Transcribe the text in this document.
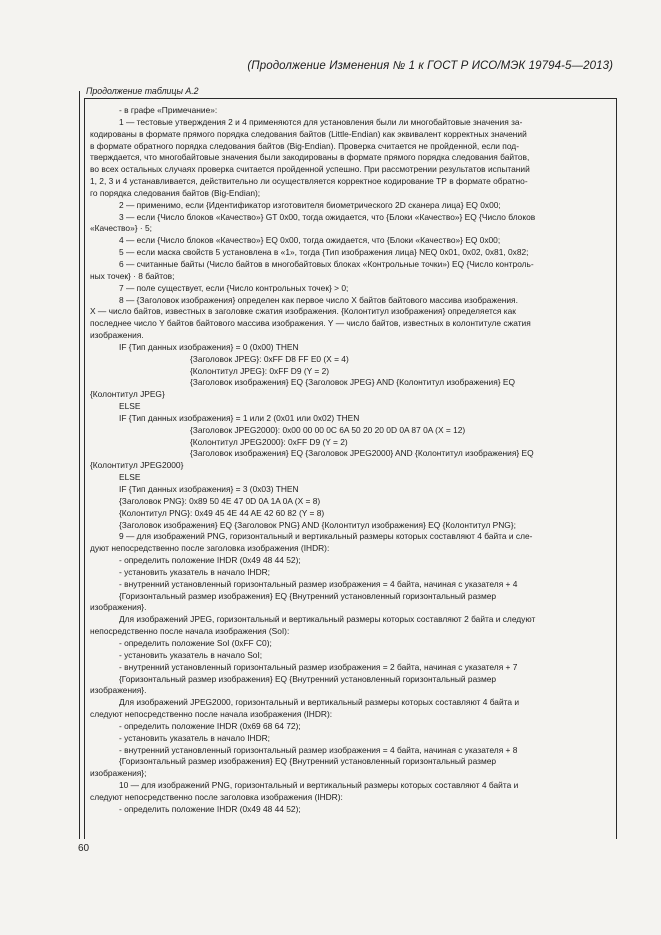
(Продолжение Изменения № 1 к ГОСТ Р ИСО/МЭК 19794-5—2013)
Продолжение таблицы А.2
- в графе «Примечание»:
1 — тестовые утверждения 2 и 4 применяются для установления были ли многобайтовые значения за-
кодированы в формате прямого порядка следования байтов (Little-Endian) как эквивалент корректных значений
в формате обратного порядка следования байтов (Big-Endian). Проверка считается не пройденной, если под-
тверждается, что многобайтовые значения были закодированы в формате прямого порядка следования байтов,
во всех остальных случаях проверка считается пройденной успешно. При рассмотрении результатов испытаний
1, 2, 3 и 4 устанавливается, действительно ли осуществляется корректное кодирование ТР в формате обратно-
го порядка следования байтов (Big-Endian);
2 — применимо, если {Идентификатор изготовителя биометрического 2D сканера лица} EQ 0x00;
3 — если {Число блоков «Качество»} GT 0x00, тогда ожидается, что {Блоки «Качество»} EQ {Число блоков
«Качество»} · 5;
4 — если {Число блоков «Качество»} EQ 0x00, тогда ожидается, что {Блоки «Качество»} EQ 0x00;
5 — если маска свойств 5 установлена в «1», тогда {Тип изображения лица} NEQ 0x01, 0x02, 0x81, 0x82;
6 — считанные байты (Число байтов в многобайтовых блоках «Контрольные точки») EQ {Число контроль-
ных точек} · 8 байтов;
7 — поле существует, если {Число контрольных точек} > 0;
8 — {Заголовок изображения} определен как первое число X байтов байтового массива изображения.
X — число байтов, известных в заголовке сжатия изображения. {Колонтитул изображения} определяется как
последнее число Y байтов байтового массива изображения. Y — число байтов, известных в колонтитуле сжатия
изображения.
IF {Тип данных изображения} = 0 (0x00) THEN
{Заголовок JPEG}: 0xFF D8 FF E0 (X = 4)
{Колонтитул JPEG}: 0xFF D9 (Y = 2)
{Заголовок изображения} EQ {Заголовок JPEG} AND {Колонтитул изображения} EQ
{Колонтитул JPEG}
ELSE
IF {Тип данных изображения} = 1 или 2 (0x01 или 0x02) THEN
{Заголовок JPEG2000}: 0x00 00 00 0C 6A 50 20 20 0D 0A 87 0A (X = 12)
{Колонтитул JPEG2000}: 0xFF D9 (Y = 2)
{Заголовок изображения} EQ {Заголовок JPEG2000} AND {Колонтитул изображения} EQ
{Колонтитул JPEG2000}
ELSE
IF {Тип данных изображения} = 3 (0x03) THEN
{Заголовок PNG}: 0x89 50 4E 47 0D 0A 1A 0A (X = 8)
{Колонтитул PNG}: 0x49 45 4E 44 AE 42 60 82 (Y = 8)
{Заголовок изображения} EQ {Заголовок PNG} AND {Колонтитул изображения} EQ {Колонтитул PNG};
9 — для изображений PNG, горизонтальный и вертикальный размеры которых составляют 4 байта и сле-
дуют непосредственно после заголовка изображения (IHDR):
- определить положение IHDR (0x49 48 44 52);
- установить указатель в начало IHDR;
- внутренний установленный горизонтальный размер изображения = 4 байта, начиная с указателя + 4
{Горизонтальный размер изображения} EQ {Внутренний установленный горизонтальный размер
изображения}.
Для изображений JPEG, горизонтальный и вертикальный размеры которых составляют 2 байта и следуют
непосредственно после начала изображения (SoI):
- определить положение SoI (0xFF C0);
- установить указатель в начало SoI;
- внутренний установленный горизонтальный размер изображения = 2 байта, начиная с указателя + 7
{Горизонтальный размер изображения} EQ {Внутренний установленный горизонтальный размер
изображения}.
Для изображений JPEG2000, горизонтальный и вертикальный размеры которых составляют 4 байта и
следуют непосредственно после начала изображения (IHDR):
- определить положение IHDR (0x69 68 64 72);
- установить указатель в начало IHDR;
- внутренний установленный горизонтальный размер изображения = 4 байта, начиная с указателя + 8
{Горизонтальный размер изображения} EQ {Внутренний установленный горизонтальный размер
изображения};
10 — для изображений PNG, горизонтальный и вертикальный размеры которых составляют 4 байта и
следуют непосредственно после заголовка изображения (IHDR):
- определить положение IHDR (0x49 48 44 52);
60
